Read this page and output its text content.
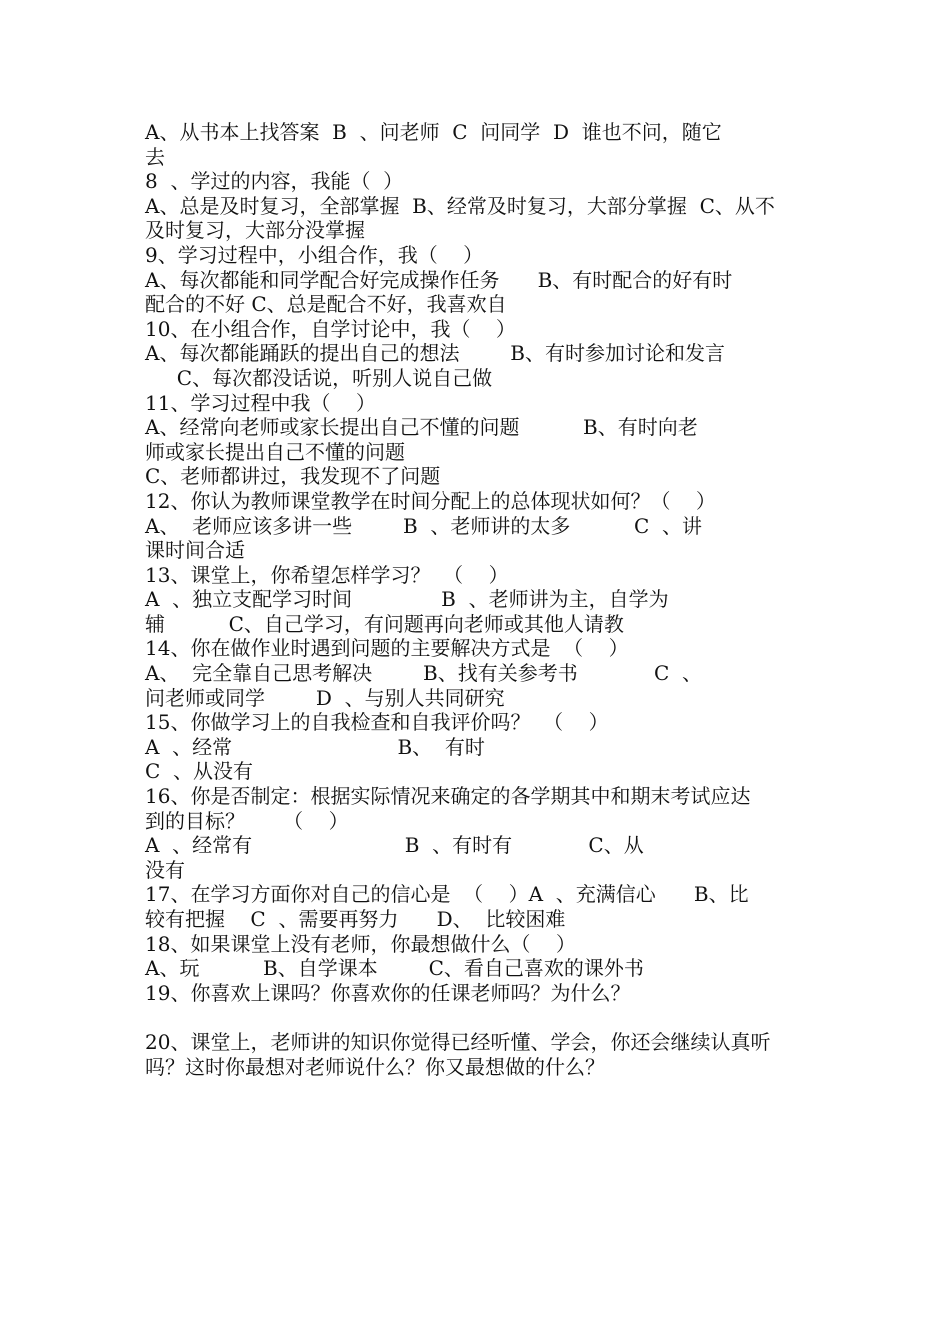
A、从书本上找答案  B  、问老师  C  问同学  D  谁也不问，随它
去
8  、学过的内容，我能（  ）
A、总是及时复习，全部掌握  B、经常及时复习，大部分掌握  C、从不
及时复习，大部分没掌握
9、学习过程中，小组合作，我（    ）
A、每次都能和同学配合好完成操作任务      B、有时配合的好有时
配合的不好 C、总是配合不好，我喜欢自
10、在小组合作，自学讨论中，我（    ）
A、每次都能踊跃的提出自己的想法        B、有时参加讨论和发言
C、每次都没话说，听别人说自己做
11、学习过程中我（    ）
A、经常向老师或家长提出自己不懂的问题          B、有时向老
师或家长提出自己不懂的问题
C、老师都讲过，我发现不了问题
12、你认为教师课堂教学在时间分配上的总体现状如何？（    ）
A、  老师应该多讲一些        B  、老师讲的太多          C  、讲
课时间合适
13、课堂上，你希望怎样学习？  （    ）
A  、独立支配学习时间              B  、老师讲为主，自学为
辅          C、自己学习，有问题再向老师或其他人请教
14、你在做作业时遇到问题的主要解决方式是  （    ）
A、  完全靠自己思考解决        B、找有关参考书            C  、
问老师或同学        D  、与别人共同研究
15、你做学习上的自我检查和自我评价吗？  （    ）
A  、经常                          B、  有时
C  、从没有
16、你是否制定：根据实际情况来确定的各学期其中和期末考试应达
到的目标？      （    ）
A  、经常有                        B  、有时有            C、从
没有
17、在学习方面你对自己的信心是  （    ）A  、充满信心      B、比
较有把握    C  、需要再努力      D、  比较困难
18、如果课堂上没有老师，你最想做什么（    ）
A、玩          B、自学课本        C、看自己喜欢的课外书
19、你喜欢上课吗？你喜欢你的任课老师吗？为什么？
20、课堂上，老师讲的知识你觉得已经听懂、学会，你还会继续认真听
吗？这时你最想对老师说什么？你又最想做的什么？
